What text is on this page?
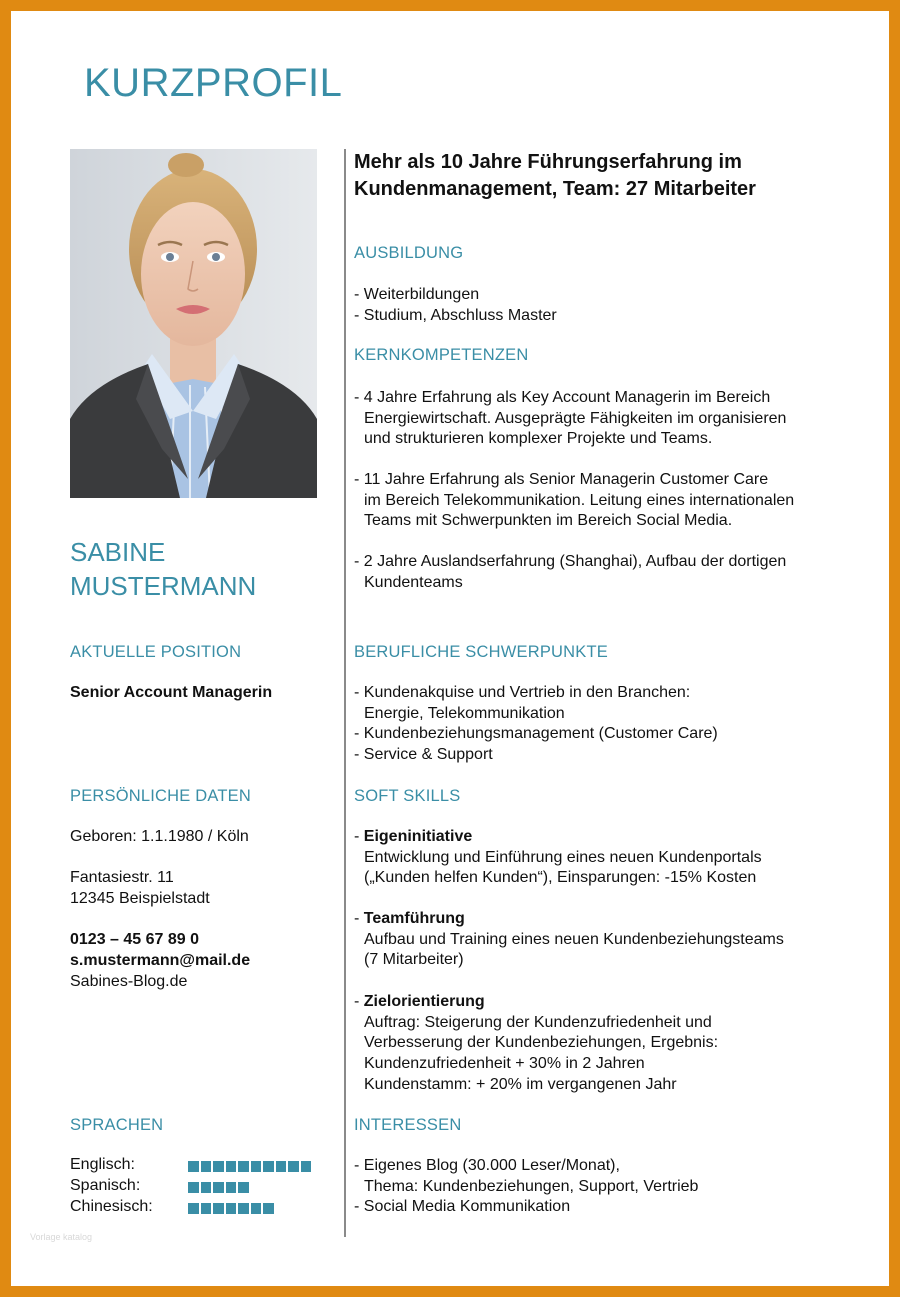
KURZPROFIL
SABINE
MUSTERMANN
AKTUELLE POSITION
Senior Account Managerin
PERSÖNLICHE DATEN
Geboren: 1.1.1980 / Köln
Fantasiestr. 11
12345 Beispielstadt
0123 – 45 67 89 0
s.mustermann@mail.de
Sabines-Blog.de
SPRACHEN
Englisch:
Spanisch:
Chinesisch:
Mehr als 10 Jahre Führungserfahrung im
Kundenmanagement, Team: 27 Mitarbeiter
AUSBILDUNG
- Weiterbildungen
- Studium, Abschluss Master
KERNKOMPETENZEN
- 4 Jahre Erfahrung als Key Account Managerin im Bereich
Energiewirtschaft. Ausgeprägte Fähigkeiten im organisieren
und strukturieren komplexer Projekte und Teams.
- 11 Jahre Erfahrung als Senior Managerin Customer Care
im Bereich Telekommunikation. Leitung eines internationalen
Teams mit Schwerpunkten im Bereich Social Media.
- 2 Jahre Auslandserfahrung (Shanghai), Aufbau der dortigen
Kundenteams
BERUFLICHE SCHWERPUNKTE
- Kundenakquise und Vertrieb in den Branchen:
Energie, Telekommunikation
- Kundenbeziehungsmanagement (Customer Care)
- Service & Support
SOFT SKILLS
- Eigeninitiative
Entwicklung und Einführung eines neuen Kundenportals
(„Kunden helfen Kunden“), Einsparungen: -15% Kosten
- Teamführung
Aufbau und Training eines neuen Kundenbeziehungsteams
(7 Mitarbeiter)
- Zielorientierung
Auftrag: Steigerung der Kundenzufriedenheit und
Verbesserung der Kundenbeziehungen, Ergebnis:
Kundenzufriedenheit + 30% in 2 Jahren
Kundenstamm: + 20% im vergangenen Jahr
INTERESSEN
- Eigenes Blog (30.000 Leser/Monat),
Thema: Kundenbeziehungen, Support, Vertrieb
- Social Media Kommunikation
Vorlage katalog
